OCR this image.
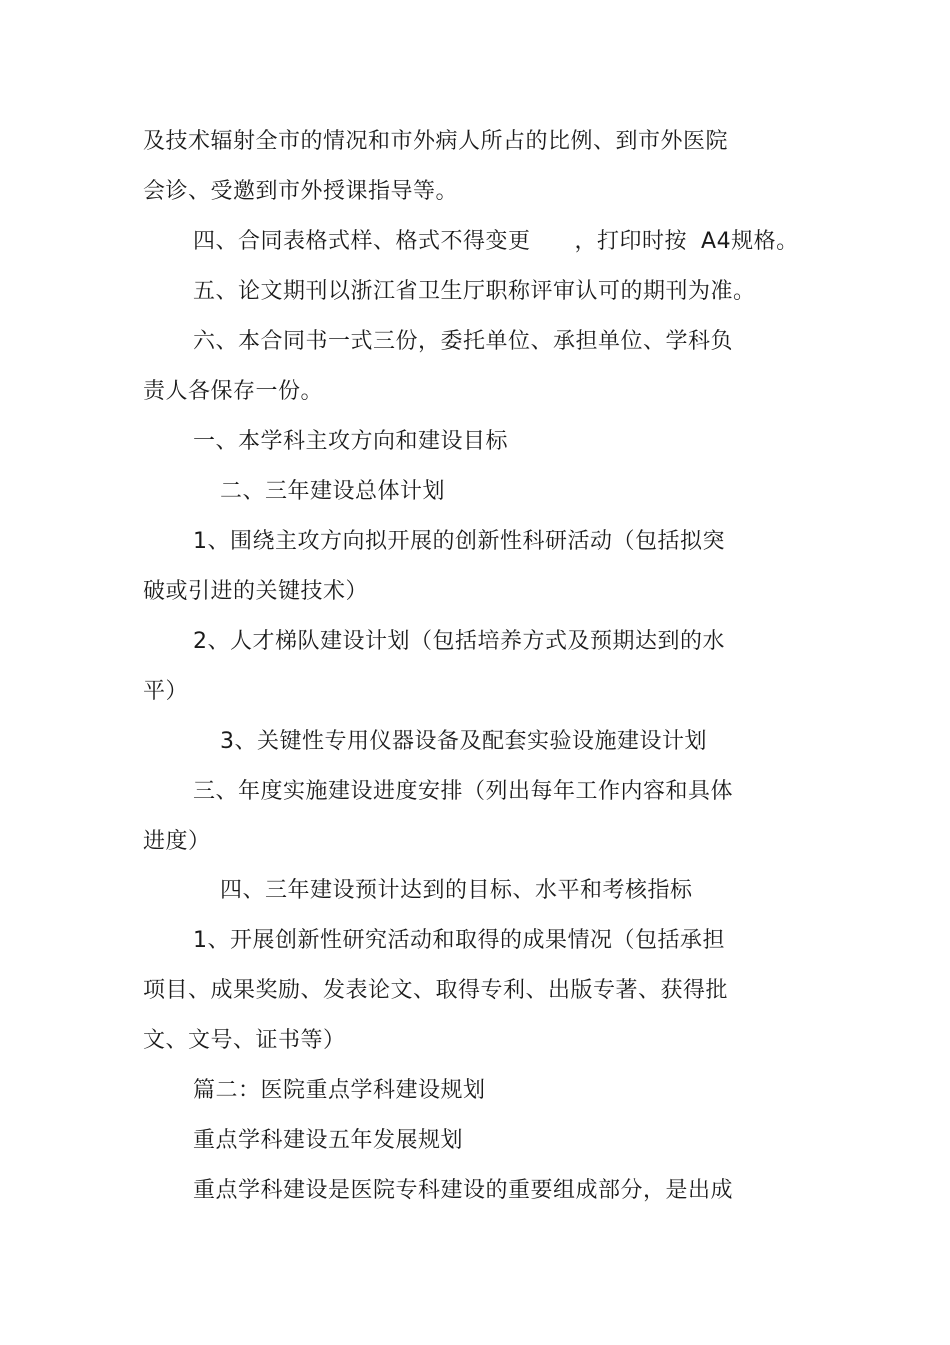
及技术辐射全市的情况和市外病人所占的比例、到市外医院
会诊、受邀到市外授课指导等。
四、合同表格式样、格式不得变更 ，打印时按 A4规格。
五、论文期刊以浙江省卫生厅职称评审认可的期刊为准。
六、本合同书一式三份，委托单位、承担单位、学科负
责人各保存一份。
一、本学科主攻方向和建设目标
二、三年建设总体计划
1、围绕主攻方向拟开展的创新性科研活动（包括拟突
破或引进的关键技术）
2、人才梯队建设计划（包括培养方式及预期达到的水
平）
3、关键性专用仪器设备及配套实验设施建设计划
三、年度实施建设进度安排（列出每年工作内容和具体
进度）
四、三年建设预计达到的目标、水平和考核指标
1、开展创新性研究活动和取得的成果情况（包括承担
项目、成果奖励、发表论文、取得专利、出版专著、获得批
文、文号、证书等）
篇二：医院重点学科建设规划
重点学科建设五年发展规划
重点学科建设是医院专科建设的重要组成部分，是出成
